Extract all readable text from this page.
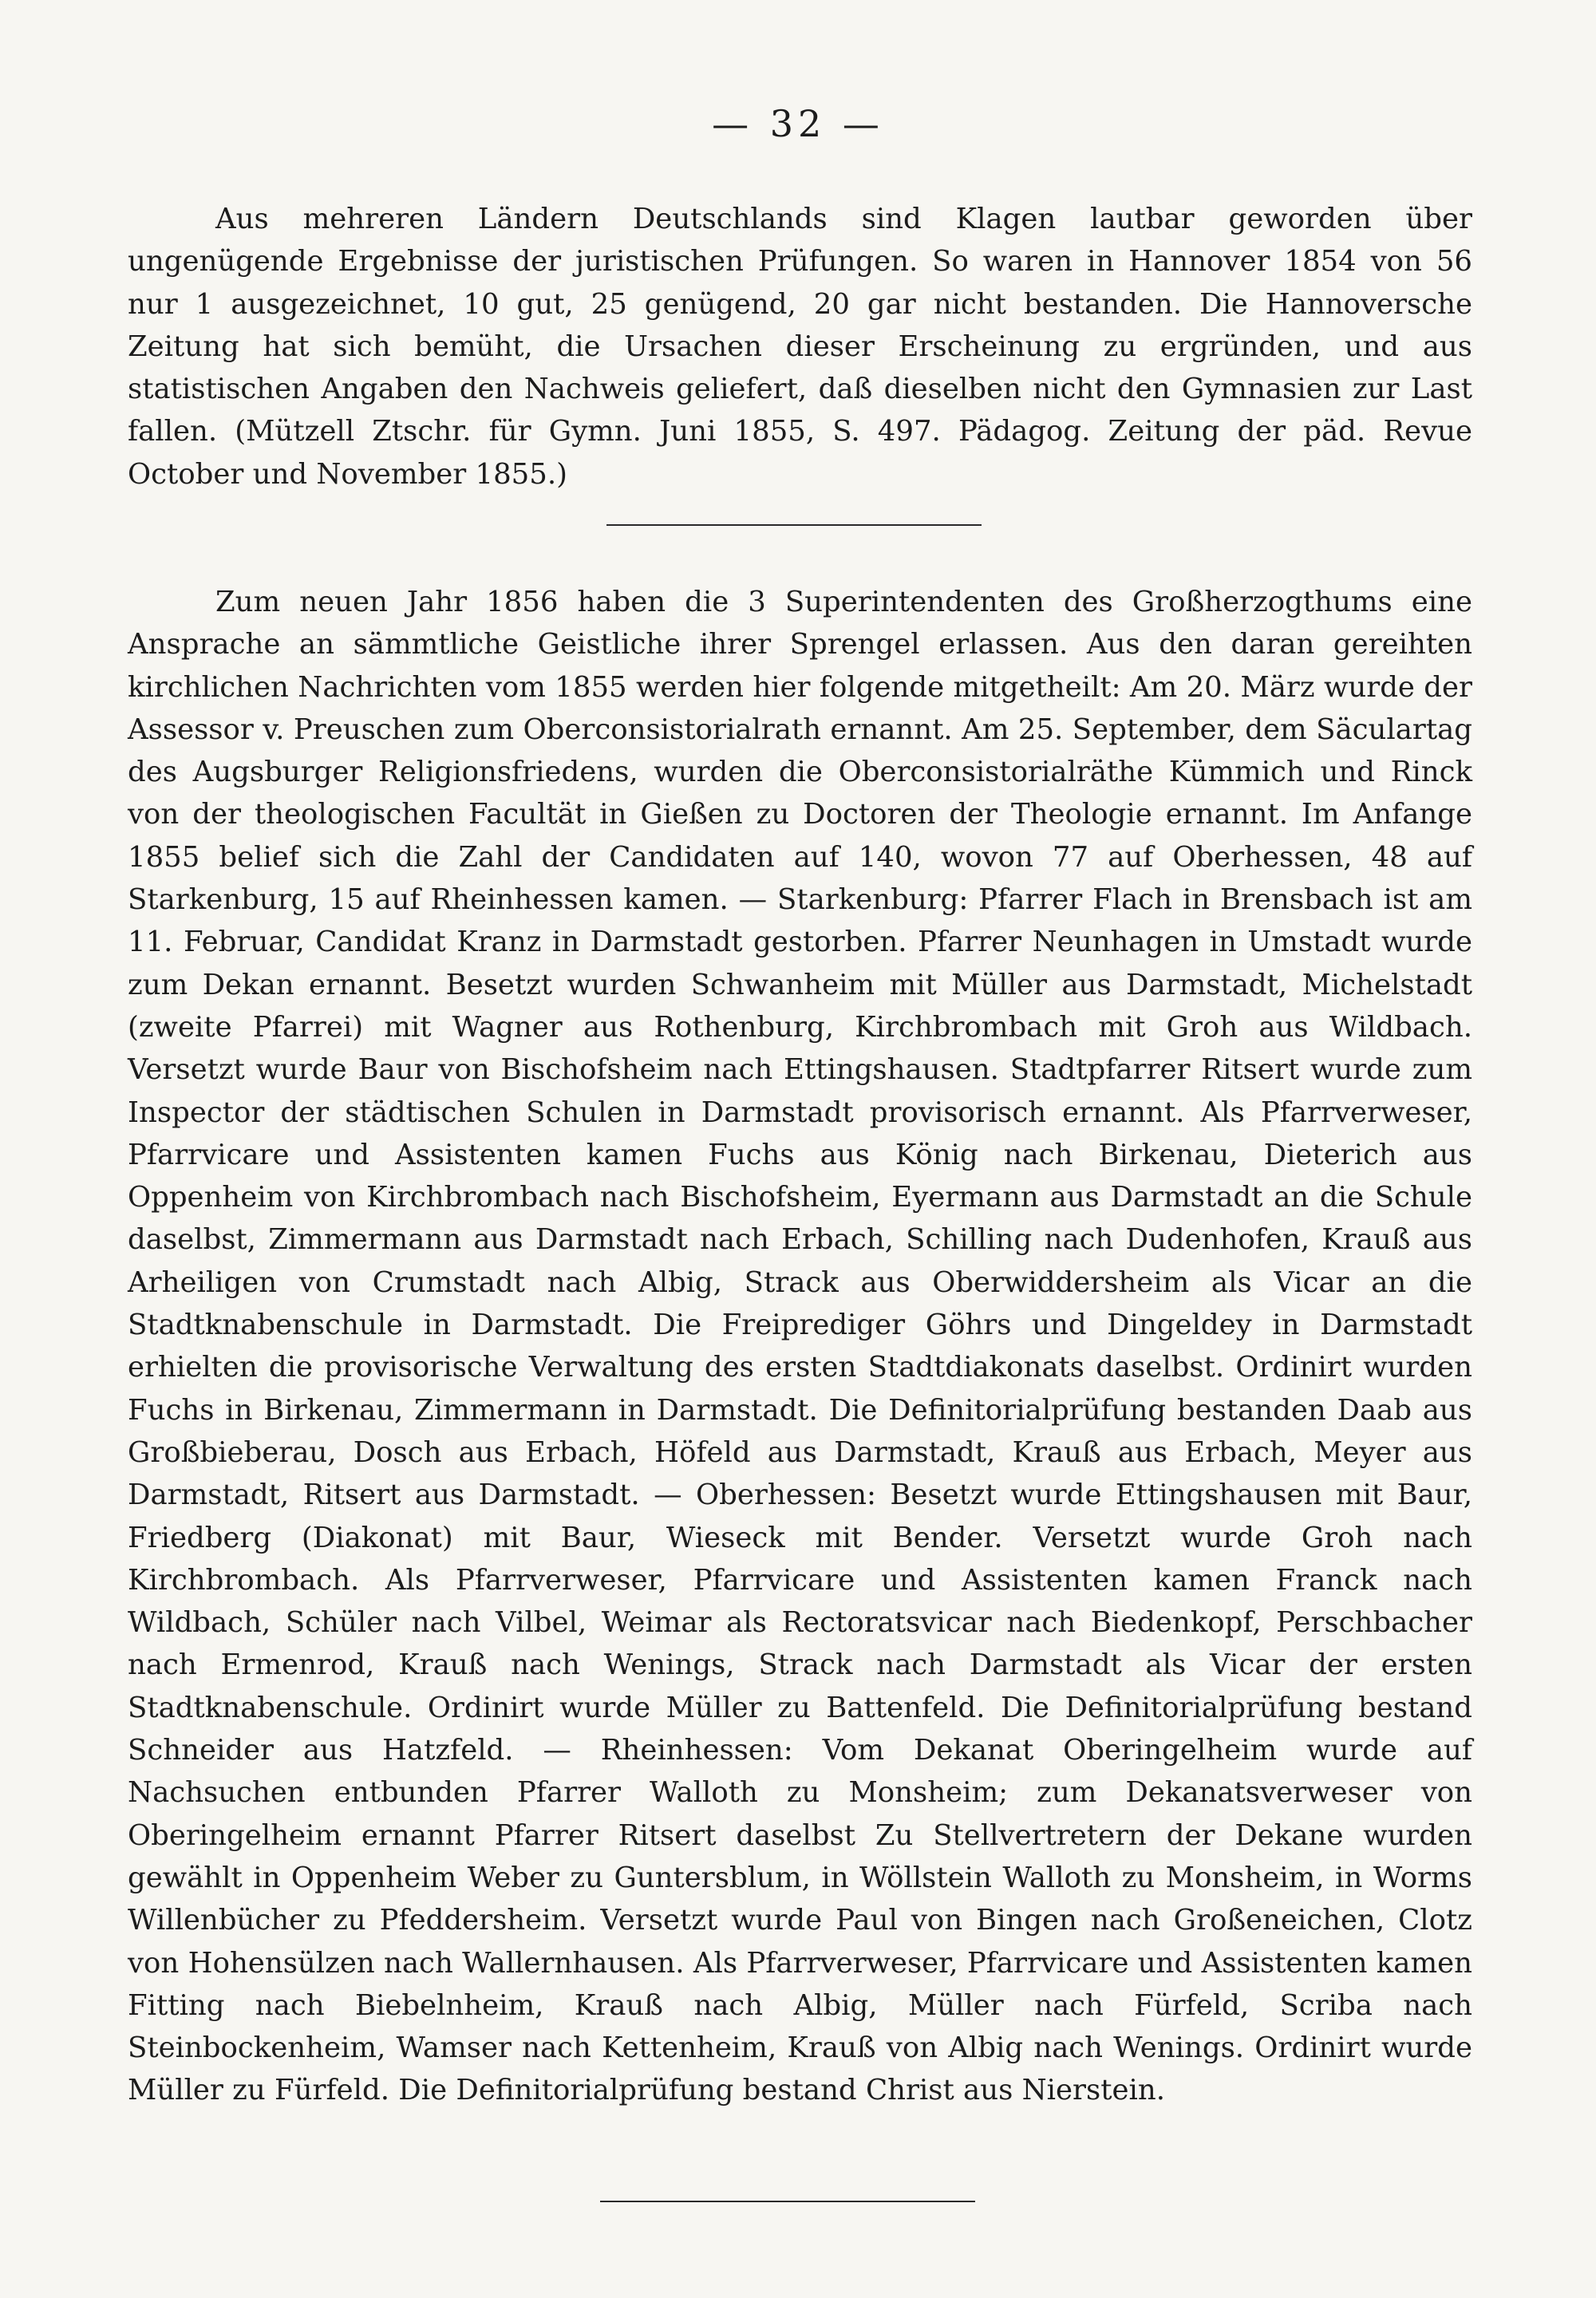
— 32 —

Aus mehreren Ländern Deutschlands sind Klagen lautbar geworden über ungenügende Ergebnisse der juristischen Prüfungen. So waren in Hannover 1854 von 56 nur 1 ausgezeichnet, 10 gut, 25 genügend, 20 gar nicht bestanden. Die Hannoversche Zeitung hat sich bemüht, die Ursachen dieser Erscheinung zu ergründen, und aus statistischen Angaben den Nachweis geliefert, daß dieselben nicht den Gymnasien zur Last fallen. (Mützell Ztschr. für Gymn. Juni 1855, S. 497. Pädagog. Zeitung der päd. Revue October und November 1855.)

Zum neuen Jahr 1856 haben die 3 Superintendenten des Großherzogthums eine Ansprache an sämmtliche Geistliche ihrer Sprengel erlassen. Aus den daran gereihten kirchlichen Nachrichten vom 1855 werden hier folgende mitgetheilt: Am 20. März wurde der Assessor v. Preuschen zum Oberconsistorialrath ernannt. Am 25. September, dem Säculartag des Augsburger Religionsfriedens, wurden die Oberconsistorialräthe Kümmich und Rinck von der theologischen Facultät in Gießen zu Doctoren der Theologie ernannt. Im Anfange 1855 belief sich die Zahl der Candidaten auf 140, wovon 77 auf Oberhessen, 48 auf Starkenburg, 15 auf Rheinhessen kamen. — Starkenburg: Pfarrer Flach in Brensbach ist am 11. Februar, Candidat Kranz in Darmstadt gestorben. Pfarrer Neunhagen in Umstadt wurde zum Dekan ernannt. Besetzt wurden Schwanheim mit Müller aus Darmstadt, Michelstadt (zweite Pfarrei) mit Wagner aus Rothenburg, Kirchbrombach mit Groh aus Wildbach. Versetzt wurde Baur von Bischofsheim nach Ettingshausen. Stadtpfarrer Ritsert wurde zum Inspector der städtischen Schulen in Darmstadt provisorisch ernannt. Als Pfarrverweser, Pfarrvicare und Assistenten kamen Fuchs aus König nach Birkenau, Dieterich aus Oppenheim von Kirchbrombach nach Bischofsheim, Eyermann aus Darmstadt an die Schule daselbst, Zimmermann aus Darmstadt nach Erbach, Schilling nach Dudenhofen, Krauß aus Arheiligen von Crumstadt nach Albig, Strack aus Oberwiddersheim als Vicar an die Stadtknabenschule in Darmstadt. Die Freiprediger Göhrs und Dingeldey in Darmstadt erhielten die provisorische Verwaltung des ersten Stadtdiakonats daselbst. Ordinirt wurden Fuchs in Birkenau, Zimmermann in Darmstadt. Die Definitorialprüfung bestanden Daab aus Großbieberau, Dosch aus Erbach, Höfeld aus Darmstadt, Krauß aus Erbach, Meyer aus Darmstadt, Ritsert aus Darmstadt. — Oberhessen: Besetzt wurde Ettingshausen mit Baur, Friedberg (Diakonat) mit Baur, Wieseck mit Bender. Versetzt wurde Groh nach Kirchbrombach. Als Pfarrverweser, Pfarrvicare und Assistenten kamen Franck nach Wildbach, Schüler nach Vilbel, Weimar als Rectoratsvicar nach Biedenkopf, Perschbacher nach Ermenrod, Krauß nach Wenings, Strack nach Darmstadt als Vicar der ersten Stadtknabenschule. Ordinirt wurde Müller zu Battenfeld. Die Definitorialprüfung bestand Schneider aus Hatzfeld. — Rheinhessen: Vom Dekanat Oberingelheim wurde auf Nachsuchen entbunden Pfarrer Walloth zu Monsheim; zum Dekanatsverweser von Oberingelheim ernannt Pfarrer Ritsert daselbst Zu Stellvertretern der Dekane wurden gewählt in Oppenheim Weber zu Guntersblum, in Wöllstein Walloth zu Monsheim, in Worms Willenbücher zu Pfeddersheim. Versetzt wurde Paul von Bingen nach Großeneichen, Clotz von Hohensülzen nach Wallernhausen. Als Pfarrverweser, Pfarrvicare und Assistenten kamen Fitting nach Biebelnheim, Krauß nach Albig, Müller nach Fürfeld, Scriba nach Steinbockenheim, Wamser nach Kettenheim, Krauß von Albig nach Wenings. Ordinirt wurde Müller zu Fürfeld. Die Definitorialprüfung bestand Christ aus Nierstein.
